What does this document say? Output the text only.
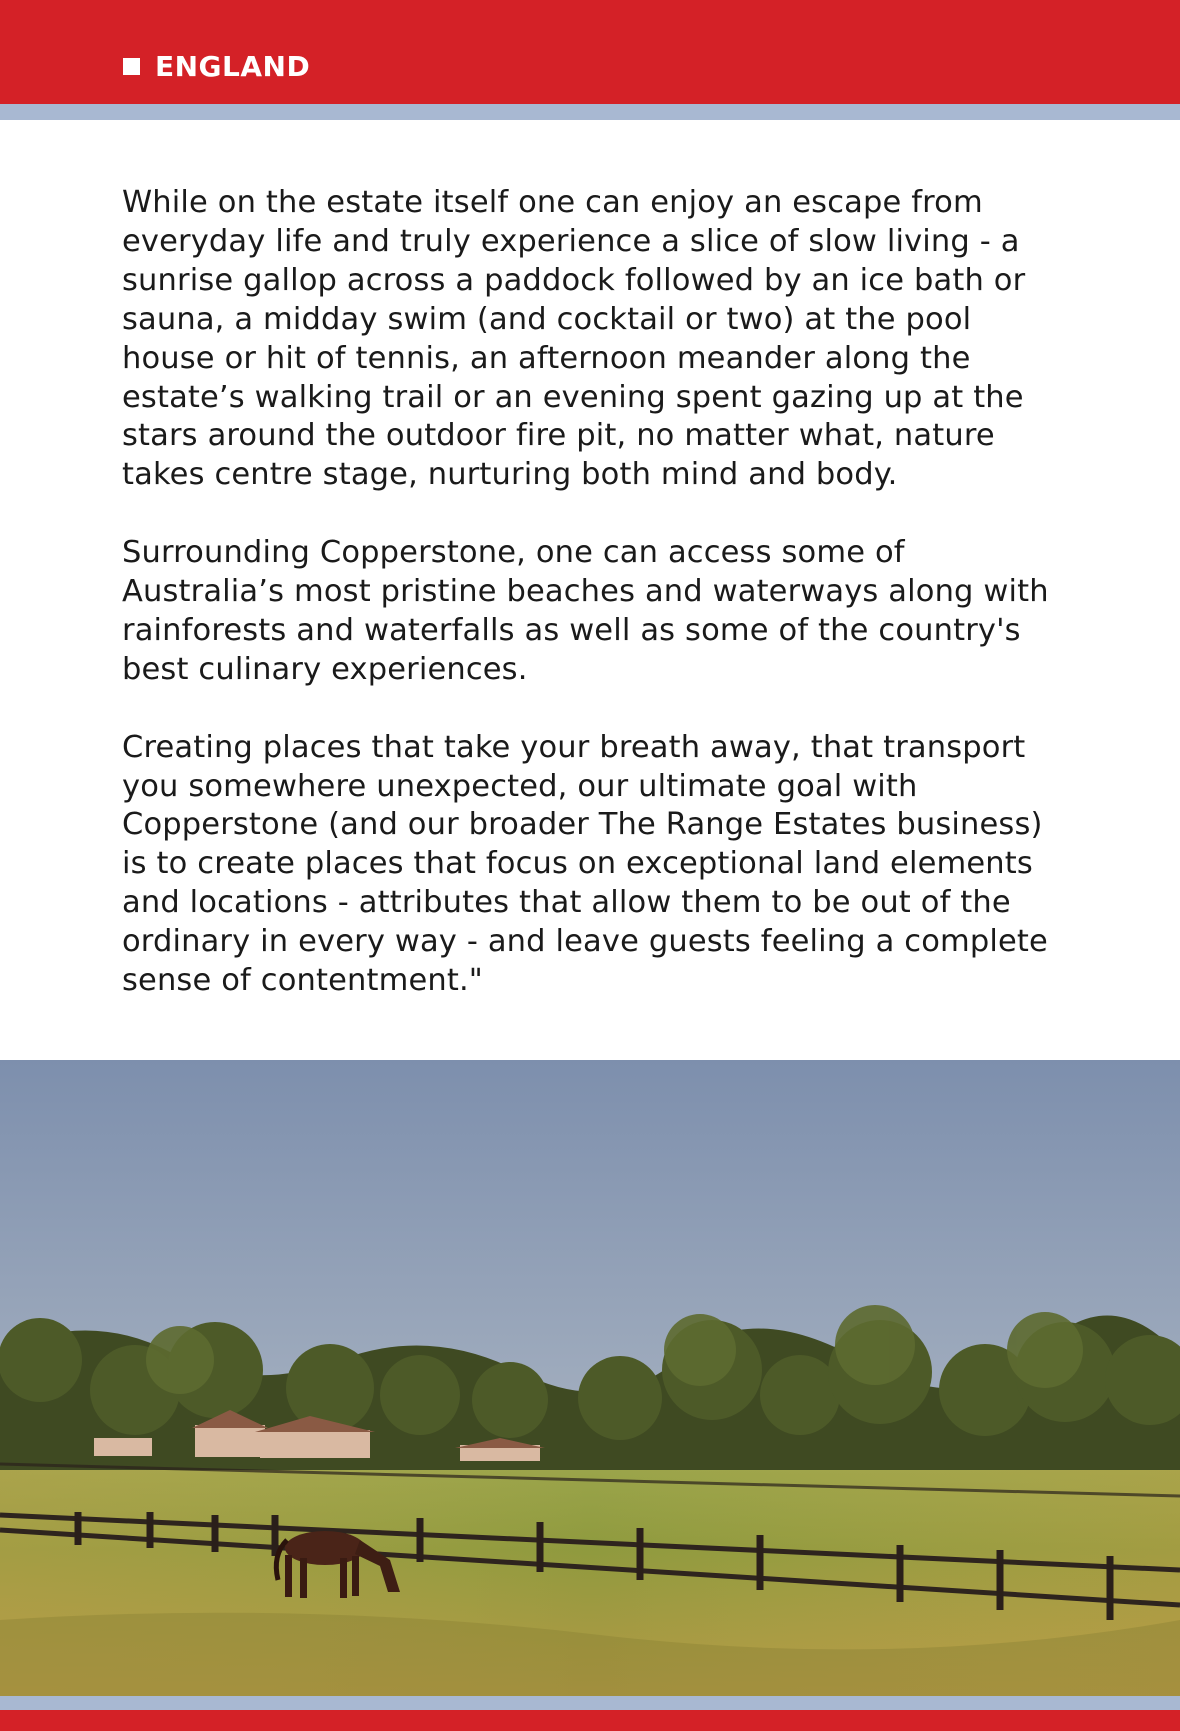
ENGLAND

While on the estate itself one can enjoy an escape from
everyday life and truly experience a slice of slow living - a
sunrise gallop across a paddock followed by an ice bath or
sauna, a midday swim (and cocktail or two) at the pool
house or hit of tennis, an afternoon meander along the
estate’s walking trail or an evening spent gazing up at the
stars around the outdoor fire pit, no matter what, nature
takes centre stage, nurturing both mind and body.

Surrounding Copperstone, one can access some of
Australia’s most pristine beaches and waterways along with
rainforests and waterfalls as well as some of the country's
best culinary experiences.

Creating places that take your breath away, that transport
you somewhere unexpected, our ultimate goal with
Copperstone (and our broader The Range Estates business)
is to create places that focus on exceptional land elements
and locations - attributes that allow them to be out of the
ordinary in every way - and leave guests feeling a complete
sense of contentment."
